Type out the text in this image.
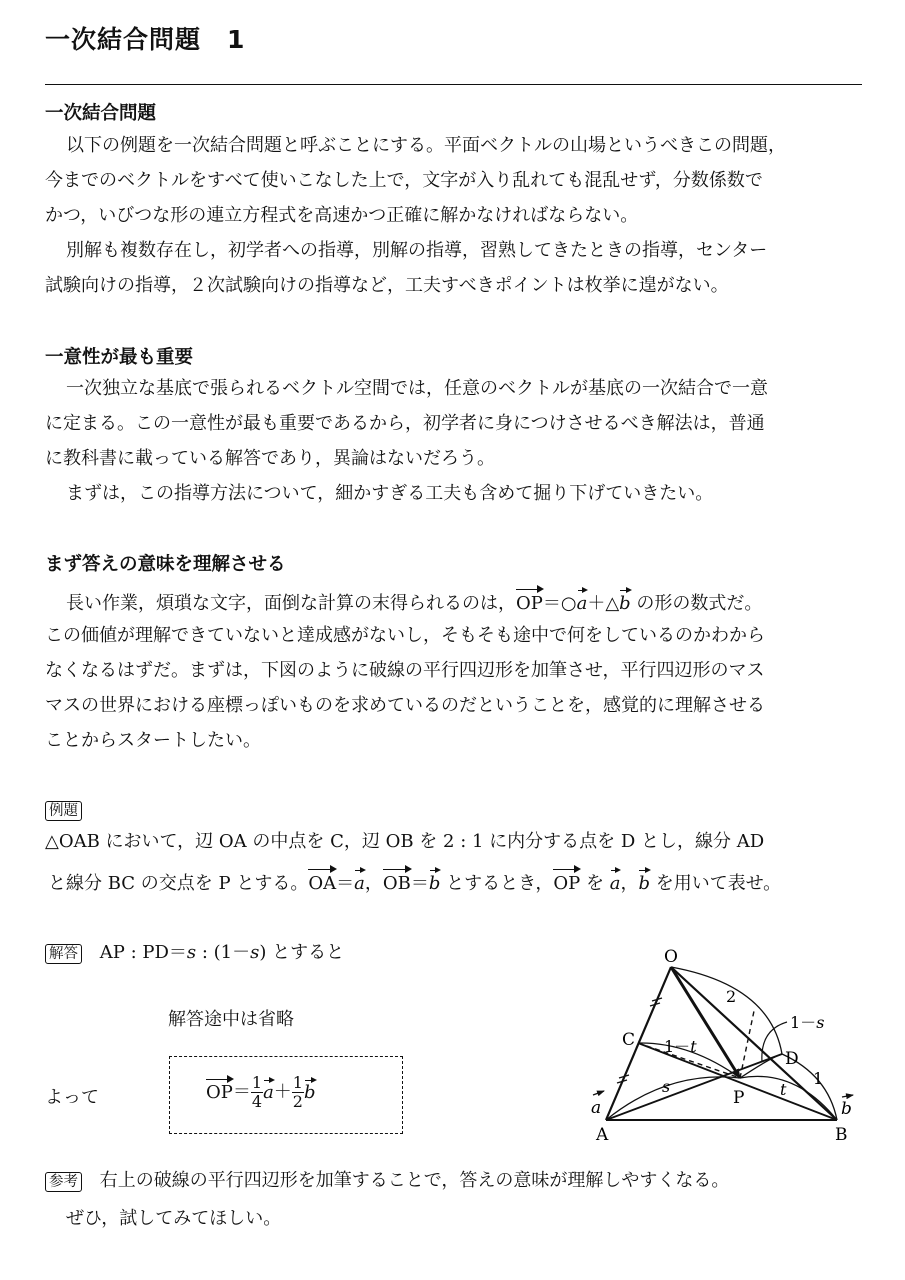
一次結合問題 1
一次結合問題
以下の例題を一次結合問題と呼ぶことにする。平面ベクトルの山場というべきこの問題，
今までのベクトルをすべて使いこなした上で，文字が入り乱れても混乱せず，分数係数で
かつ，いびつな形の連立方程式を高速かつ正確に解かなければならない。
別解も複数存在し，初学者への指導，別解の指導，習熟してきたときの指導，センター
試験向けの指導，２次試験向けの指導など，工夫すべきポイントは枚挙に遑がない。
一意性が最も重要
一次独立な基底で張られるベクトル空間では，任意のベクトルが基底の一次結合で一意
に定まる。この一意性が最も重要であるから，初学者に身につけさせるべき解法は，普通
に教科書に載っている解答であり，異論はないだろう。
まずは，この指導方法について，細かすぎる工夫も含めて掘り下げていきたい。
まず答えの意味を理解させる
長い作業，煩瑣な文字，面倒な計算の末得られるのは，OP＝○a＋△b の形の数式だ。
この価値が理解できていないと達成感がないし，そもそも途中で何をしているのかわから
なくなるはずだ。まずは，下図のように破線の平行四辺形を加筆させ，平行四辺形のマス
マスの世界における座標っぽいものを求めているのだということを，感覚的に理解させる
ことからスタートしたい。
例題
△OAB において，辺 OA の中点を C，辺 OB を 2 : 1 に内分する点を D とし，線分 AD
と線分 BC の交点を P とする。OA＝a，OB＝b とするとき，OP を a，b を用いて表せ。
解答 AP : PD＝s : (1－s) とすると
解答途中は省略
よって	$OP= \frac{1}{4} a+ \frac{1}{2}$ b
O
A	B
C
D
P
2
1
1－s
1－t
s	t
a	b
参考 右上の破線の平行四辺形を加筆することで，答えの意味が理解しやすくなる。
ぜひ，試してみてほしい。
